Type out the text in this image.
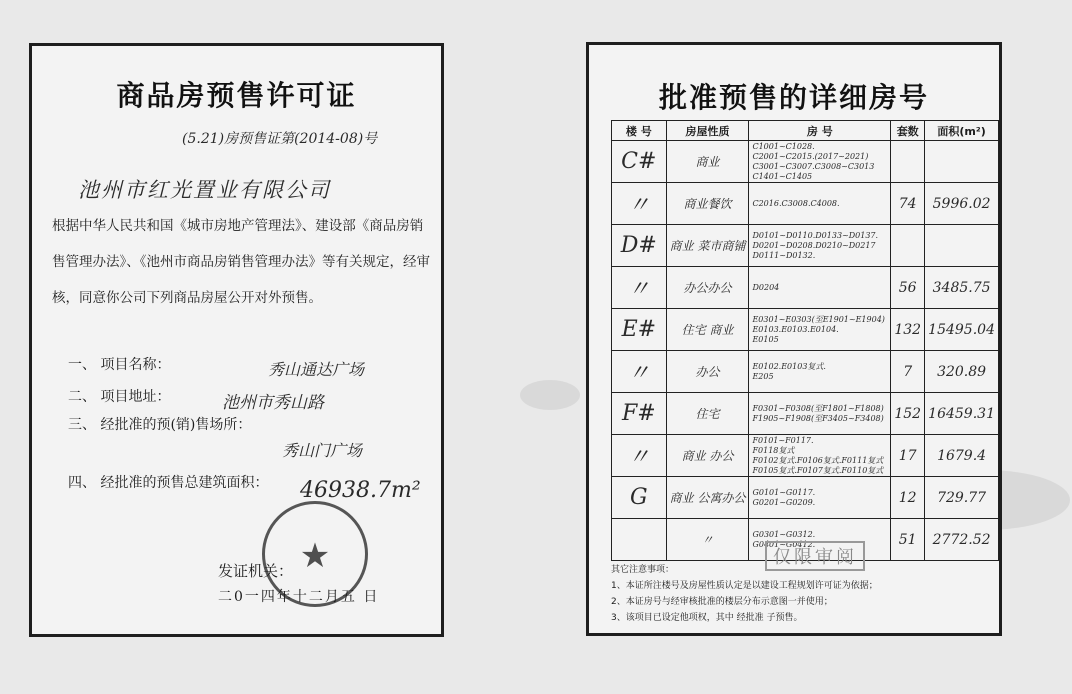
商品房预售许可证
(5.21)房预售证第(2014-08)号
池州市红光置业有限公司
根据中华人民共和国《城市房地产管理法》、建设部《商品房销售管理办法》、《池州市商品房销售管理办法》等有关规定，经审核，同意你公司下列商品房屋公开对外预售。
一、 项目名称：	秀山通达广场
二、 项目地址：	池州市秀山路
三、 经批准的预(销)售场所：
秀山门广场
四、 经批准的预售总建筑面积： 46938.7m²
★
发证机关：
二0一四年十二月五 日
批准预售的详细房号
楼 号	房屋性质	房 号	套数	面积(m²)
C#	商业	C1001~C1028.
C2001~C2015.(2017~2021)
C3001~C3007.C3008~C3013
C1401~C1405		

〃	商业餐饮	C2016.C3008.C4008.	74	5996.02
D#	商业 菜市商铺	D0101~D0110.D0133~D0137.
D0201~D0208.D0210~D0217
D0111~D0132.		

〃	办公办公	D0204	56	3485.75
E#	住宅 商业	E0301~E0303(至E1901~E1904)
E0103.E0103.E0104.
E0105	132	15495.04
〃	办公	E0102.E0103复式.
E205	7	320.89
F#	住宅	F0301~F0308(至F1801~F1808)
F1905~F1908(至F3405~F3408)	152	16459.31
〃	商业 办公	F0101~F0117.
F0118复式
F0102复式.F0106复式.F0111复式
F0105复式.F0107复式.F0110复式	17	1679.4
G	商业 公寓办公	G0101~G0117.
G0201~G0209.	12	729.77
	〃	G0301~G0312.
G0401~G0412.	51	2772.52
其它注意事项：
1、本证所注楼号及房屋性质认定是以建设工程规划许可证为依据；
2、本证房号与经审核批准的楼层分布示意图一并使用；
3、该项目已设定他项权，其中 经批准 子预售。
仅限审阅
